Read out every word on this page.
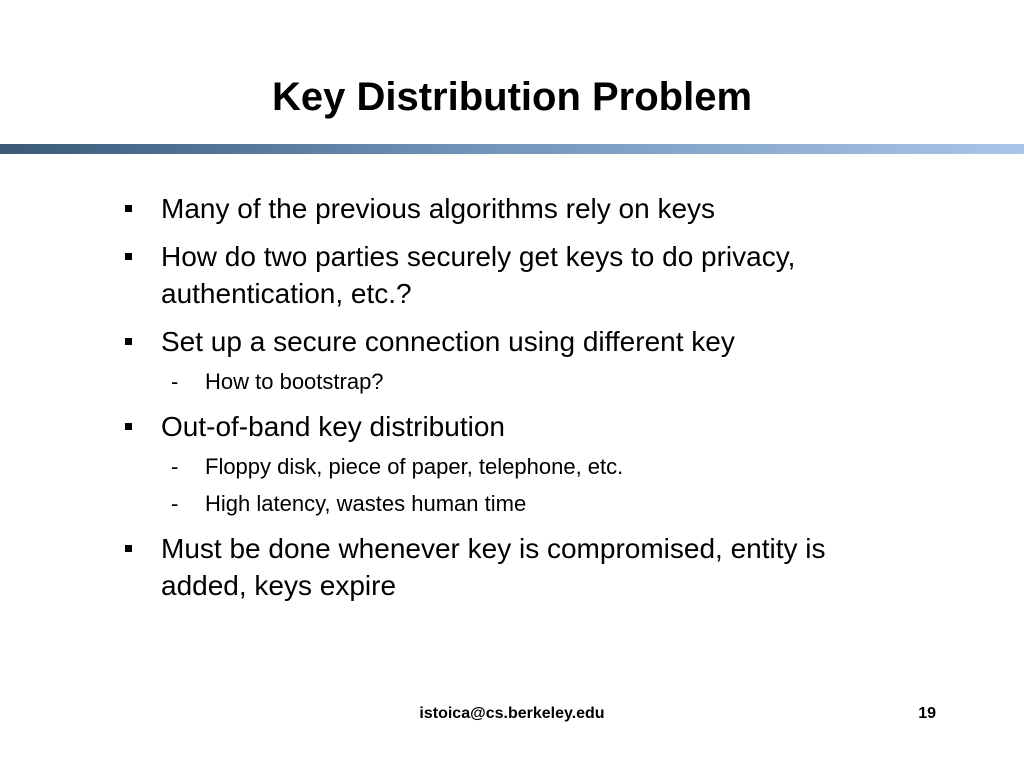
Key Distribution Problem
Many of the previous algorithms rely on keys
How do two parties securely get keys to do privacy, authentication, etc.?
Set up a secure connection using different key
- How to bootstrap?
Out-of-band key distribution
- Floppy disk, piece of paper, telephone, etc.
- High latency, wastes human time
Must be done whenever key is compromised, entity is added, keys expire
istoica@cs.berkeley.edu	19
